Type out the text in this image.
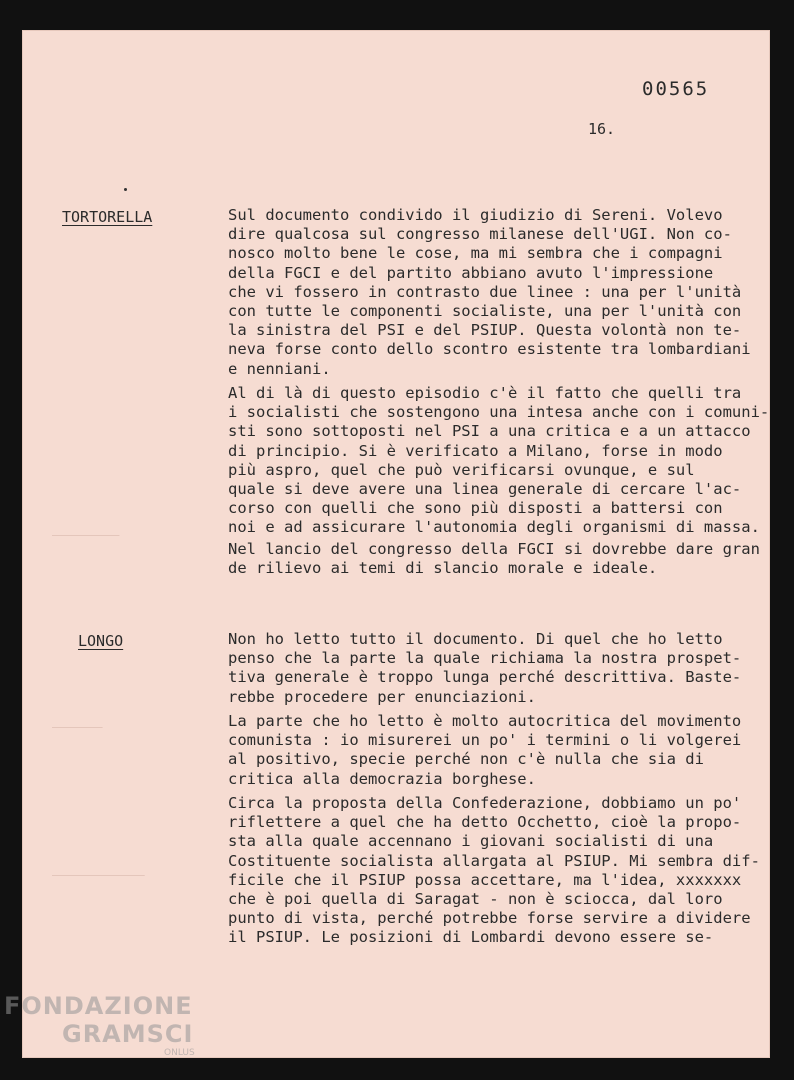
00565
16.

TORTORELLA	Sul documento condivido il giudizio di Sereni. Volevo
dire qualcosa sul congresso milanese dell'UGI. Non co-
nosco molto bene le cose, ma mi sembra che i compagni
della FGCI e del partito abbiano avuto l'impressione
che vi fossero in contrasto due linee : una per l'unità
con tutte le componenti socialiste, una per l'unità con
la sinistra del PSI e del PSIUP. Questa volontà non te-
neva forse conto dello scontro esistente tra lombardiani
e nenniani.

Al di là di questo episodio c'è il fatto che quelli tra
i socialisti che sostengono una intesa anche con i comuni-
sti sono sottoposti nel PSI a una critica e a un attacco
di principio. Si è verificato a Milano, forse in modo
più aspro, quel che può verificarsi ovunque, e sul
quale si deve avere una linea generale di cercare l'ac-
corso con quelli che sono più disposti a battersi con
noi e ad assicurare l'autonomia degli organismi di massa.

Nel lancio del congresso della FGCI si dovrebbe dare gran
de rilievo ai temi di slancio morale e ideale.

LONGO	Non ho letto tutto il documento. Di quel che ho letto
penso che la parte la quale richiama la nostra prospet-
tiva generale è troppo lunga perché descrittiva. Baste-
rebbe procedere per enunciazioni.

La parte che ho letto è molto autocritica del movimento
comunista : io misurerei un po' i termini o li volgerei
al positivo, specie perché non c'è nulla che sia di
critica alla democrazia borghese.

Circa la proposta della Confederazione, dobbiamo un po'
riflettere a quel che ha detto Occhetto, cioè la propo-
sta alla quale accennano i giovani socialisti di una
Costituente socialista allargata al PSIUP. Mi sembra dif-
ficile che il PSIUP possa accettare, ma l'idea, xxxxxxx
che è poi quella di Saragat - non è sciocca, dal loro
punto di vista, perché potrebbe forse servire a dividere
il PSIUP. Le posizioni di Lombardi devono essere se-

FONDAZIONE
GRAMSCI
ONLUS
